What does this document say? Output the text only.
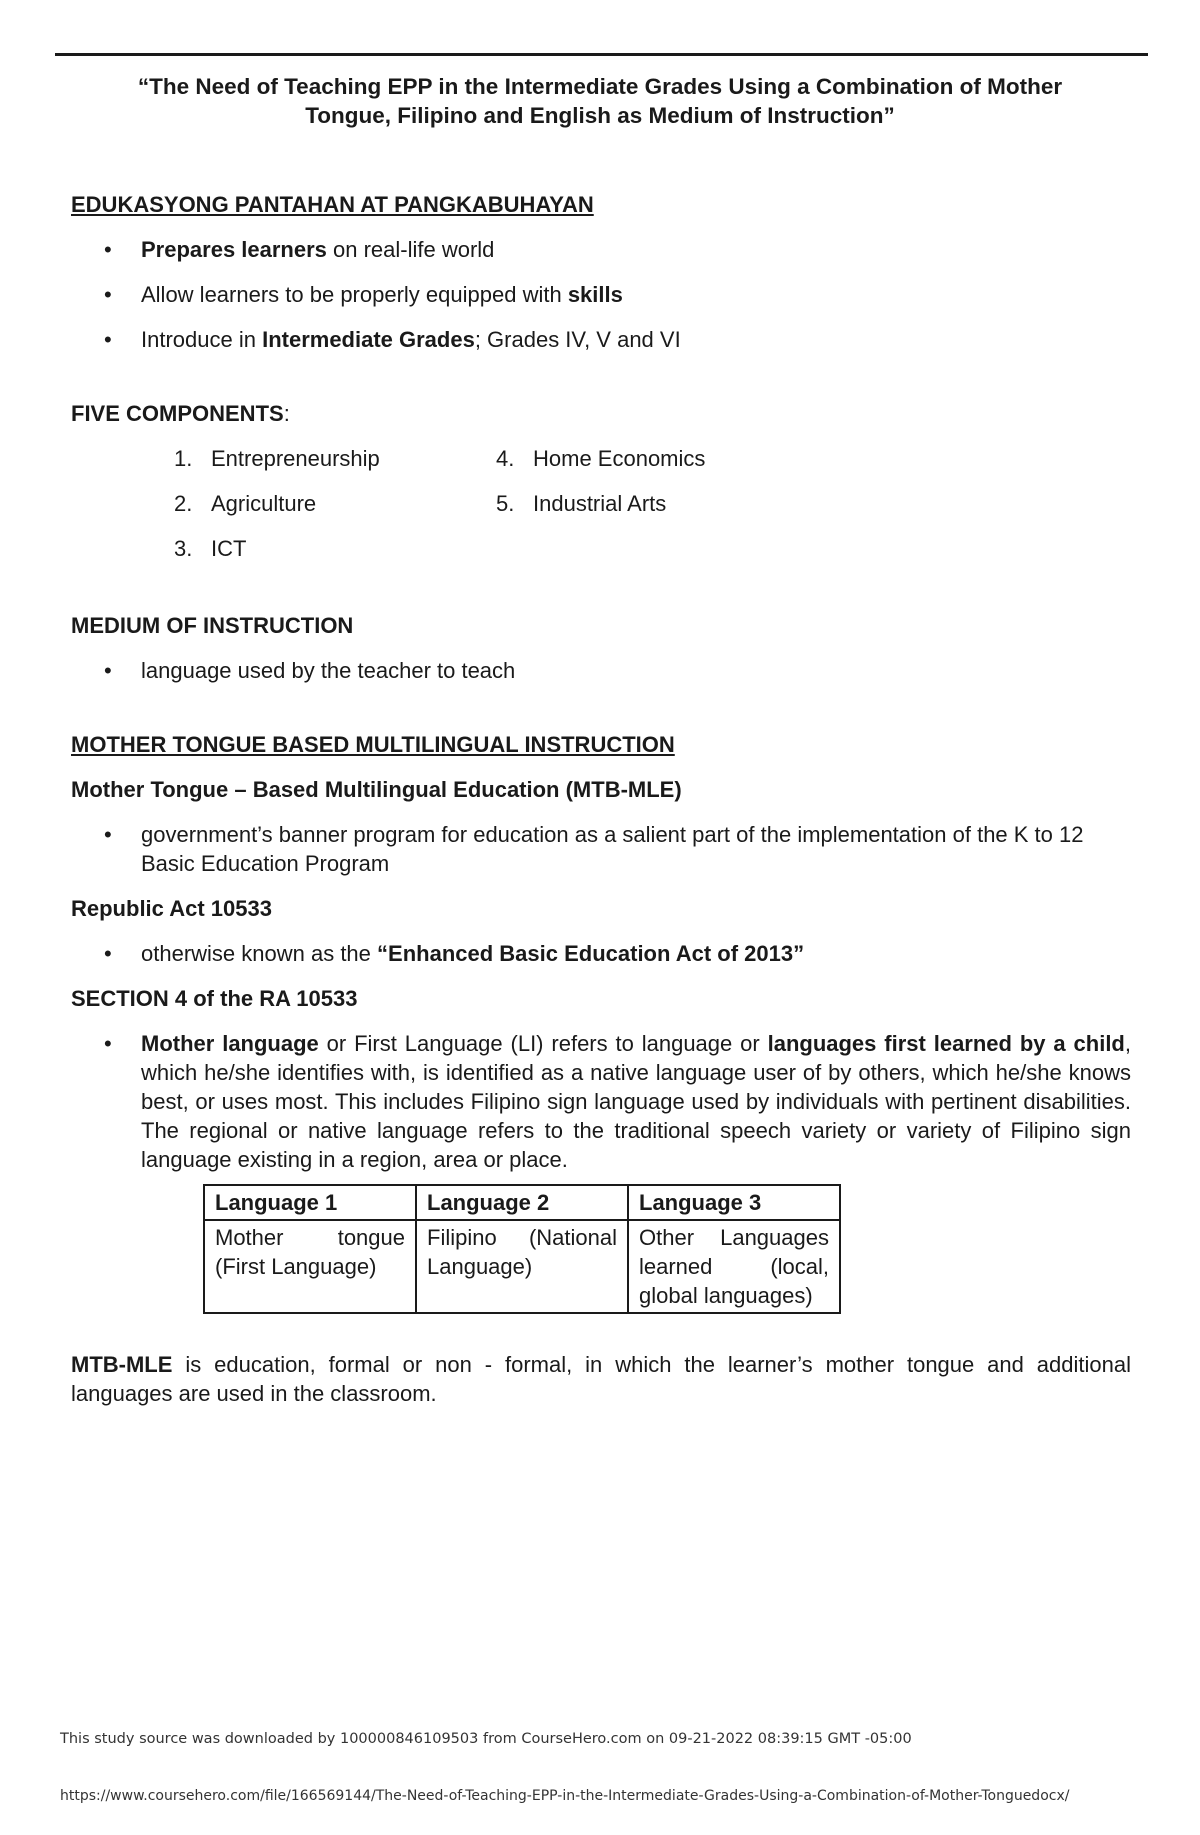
“The Need of Teaching EPP in the Intermediate Grades Using a Combination of Mother
Tongue, Filipino and English as Medium of Instruction”
EDUKASYONG PANTAHAN AT PANGKABUHAYAN
• Prepares learners on real-life world
• Allow learners to be properly equipped with skills
• Introduce in Intermediate Grades; Grades IV, V and VI
FIVE COMPONENTS:
1. Entrepreneurship	4. Home Economics
2. Agriculture	5. Industrial Arts
3. ICT
MEDIUM OF INSTRUCTION
• language used by the teacher to teach
MOTHER TONGUE BASED MULTILINGUAL INSTRUCTION
Mother Tongue – Based Multilingual Education (MTB-MLE)
• government’s banner program for education as a salient part of the implementation of the K to 12 Basic Education Program
Republic Act 10533
• otherwise known as the “Enhanced Basic Education Act of 2013”
SECTION 4 of the RA 10533
• Mother language or First Language (LI) refers to language or languages first learned by a child, which he/she identifies with, is identified as a native language user of by others, which he/she knows best, or uses most. This includes Filipino sign language used by individuals with pertinent disabilities. The regional or native language refers to the traditional speech variety or variety of Filipino sign language existing in a region, area or place.
Language 1	Language 2	Language 3
Mother tongue (First Language)	Filipino (National Language)	Other Languages learned (local, global languages)
MTB-MLE is education, formal or non - formal, in which the learner’s mother tongue and additional languages are used in the classroom.
This study source was downloaded by 100000846109503 from CourseHero.com on 09-21-2022 08:39:15 GMT -05:00
https://www.coursehero.com/file/166569144/The-Need-of-Teaching-EPP-in-the-Intermediate-Grades-Using-a-Combination-of-Mother-Tonguedocx/
